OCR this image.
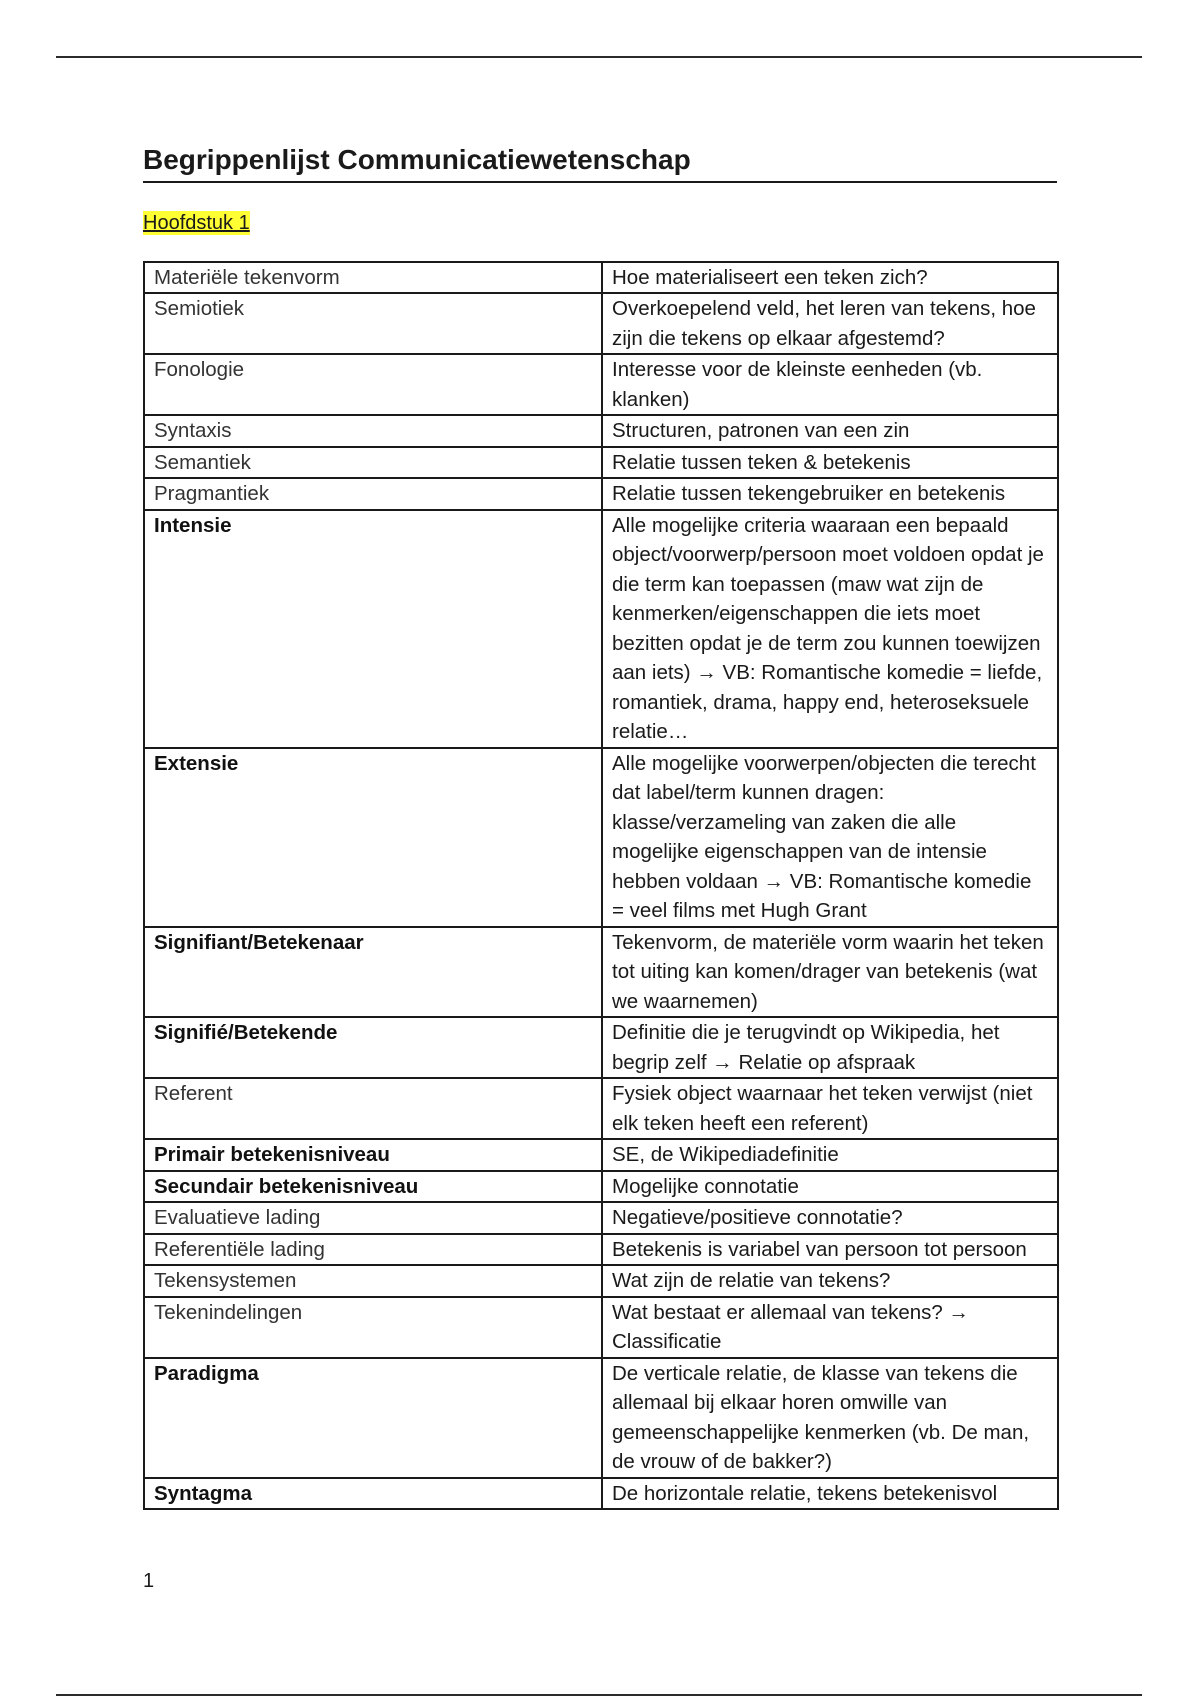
Begrippenlijst Communicatiewetenschap
Hoofdstuk 1
Materiële tekenvorm	Hoe materialiseert een teken zich?
Semiotiek	Overkoepelend veld, het leren van tekens, hoe zijn die tekens op elkaar afgestemd?
Fonologie	Interesse voor de kleinste eenheden (vb. klanken)
Syntaxis	Structuren, patronen van een zin
Semantiek	Relatie tussen teken & betekenis
Pragmantiek	Relatie tussen tekengebruiker en betekenis
Intensie	Alle mogelijke criteria waaraan een bepaald object/voorwerp/persoon moet voldoen opdat je die term kan toepassen (maw wat zijn de kenmerken/eigenschappen die iets moet bezitten opdat je de term zou kunnen toewijzen aan iets) → VB: Romantische komedie = liefde, romantiek, drama, happy end, heteroseksuele relatie…
Extensie	Alle mogelijke voorwerpen/objecten die terecht dat label/term kunnen dragen: klasse/verzameling van zaken die alle mogelijke eigenschappen van de intensie hebben voldaan → VB: Romantische komedie = veel films met Hugh Grant
Signifiant/Betekenaar	Tekenvorm, de materiële vorm waarin het teken tot uiting kan komen/drager van betekenis (wat we waarnemen)
Signifié/Betekende	Definitie die je terugvindt op Wikipedia, het begrip zelf → Relatie op afspraak
Referent	Fysiek object waarnaar het teken verwijst (niet elk teken heeft een referent)
Primair betekenisniveau	SE, de Wikipediadefinitie
Secundair betekenisniveau	Mogelijke connotatie
Evaluatieve lading	Negatieve/positieve connotatie?
Referentiële lading	Betekenis is variabel van persoon tot persoon
Tekensystemen	Wat zijn de relatie van tekens?
Tekenindelingen	Wat bestaat er allemaal van tekens? → Classificatie
Paradigma	De verticale relatie, de klasse van tekens die allemaal bij elkaar horen omwille van gemeenschappelijke kenmerken (vb. De man, de vrouw of de bakker?)
Syntagma	De horizontale relatie, tekens betekenisvol
1
